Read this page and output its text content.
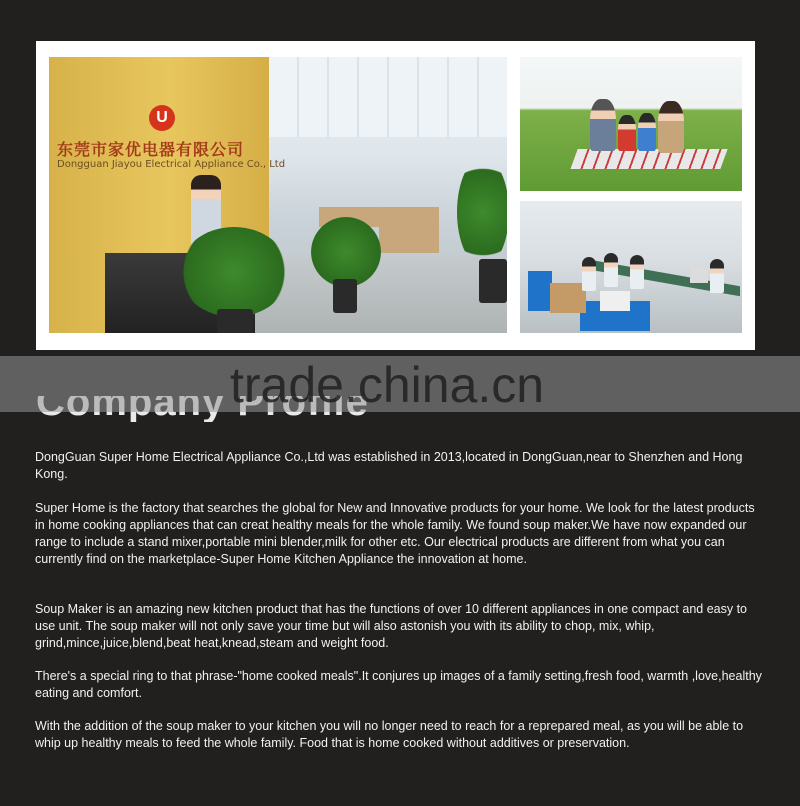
U
东莞市家优电器有限公司
Dongguan Jiayou Electrical Appliance Co., Ltd
trade.china.cn

DongGuan Super Home Electrical Appliance Co.,Ltd was established in 2013,located in DongGuan,near to Shenzhen and Hong Kong.

Super Home is the factory that searches the global for New and Innovative products for your home. We look for the latest products in home cooking appliances that can creat healthy meals for the whole family. We found soup maker.We have now expanded our range to include a stand mixer,portable mini blender,milk for other etc. Our electrical products are different from what you can currently find on the marketplace-Super Home Kitchen Appliance the innovation at home.

Soup Maker is an amazing new kitchen product that has the functions of over 10 different appliances in one compact and easy to use unit. The soup maker will not only save your time but will also astonish you with its ability to chop, mix, whip, grind,mince,juice,blend,beat heat,knead,steam and weight food.

There's a special ring to that phrase-"home cooked meals".It conjures up images of a family setting,fresh food, warmth ,love,healthy eating and comfort.

With the addition of the soup maker to your kitchen you will no longer need to reach for a reprepared meal, as you will be able to whip up healthy meals to feed the whole family. Food that is home cooked without additives or preservation.
